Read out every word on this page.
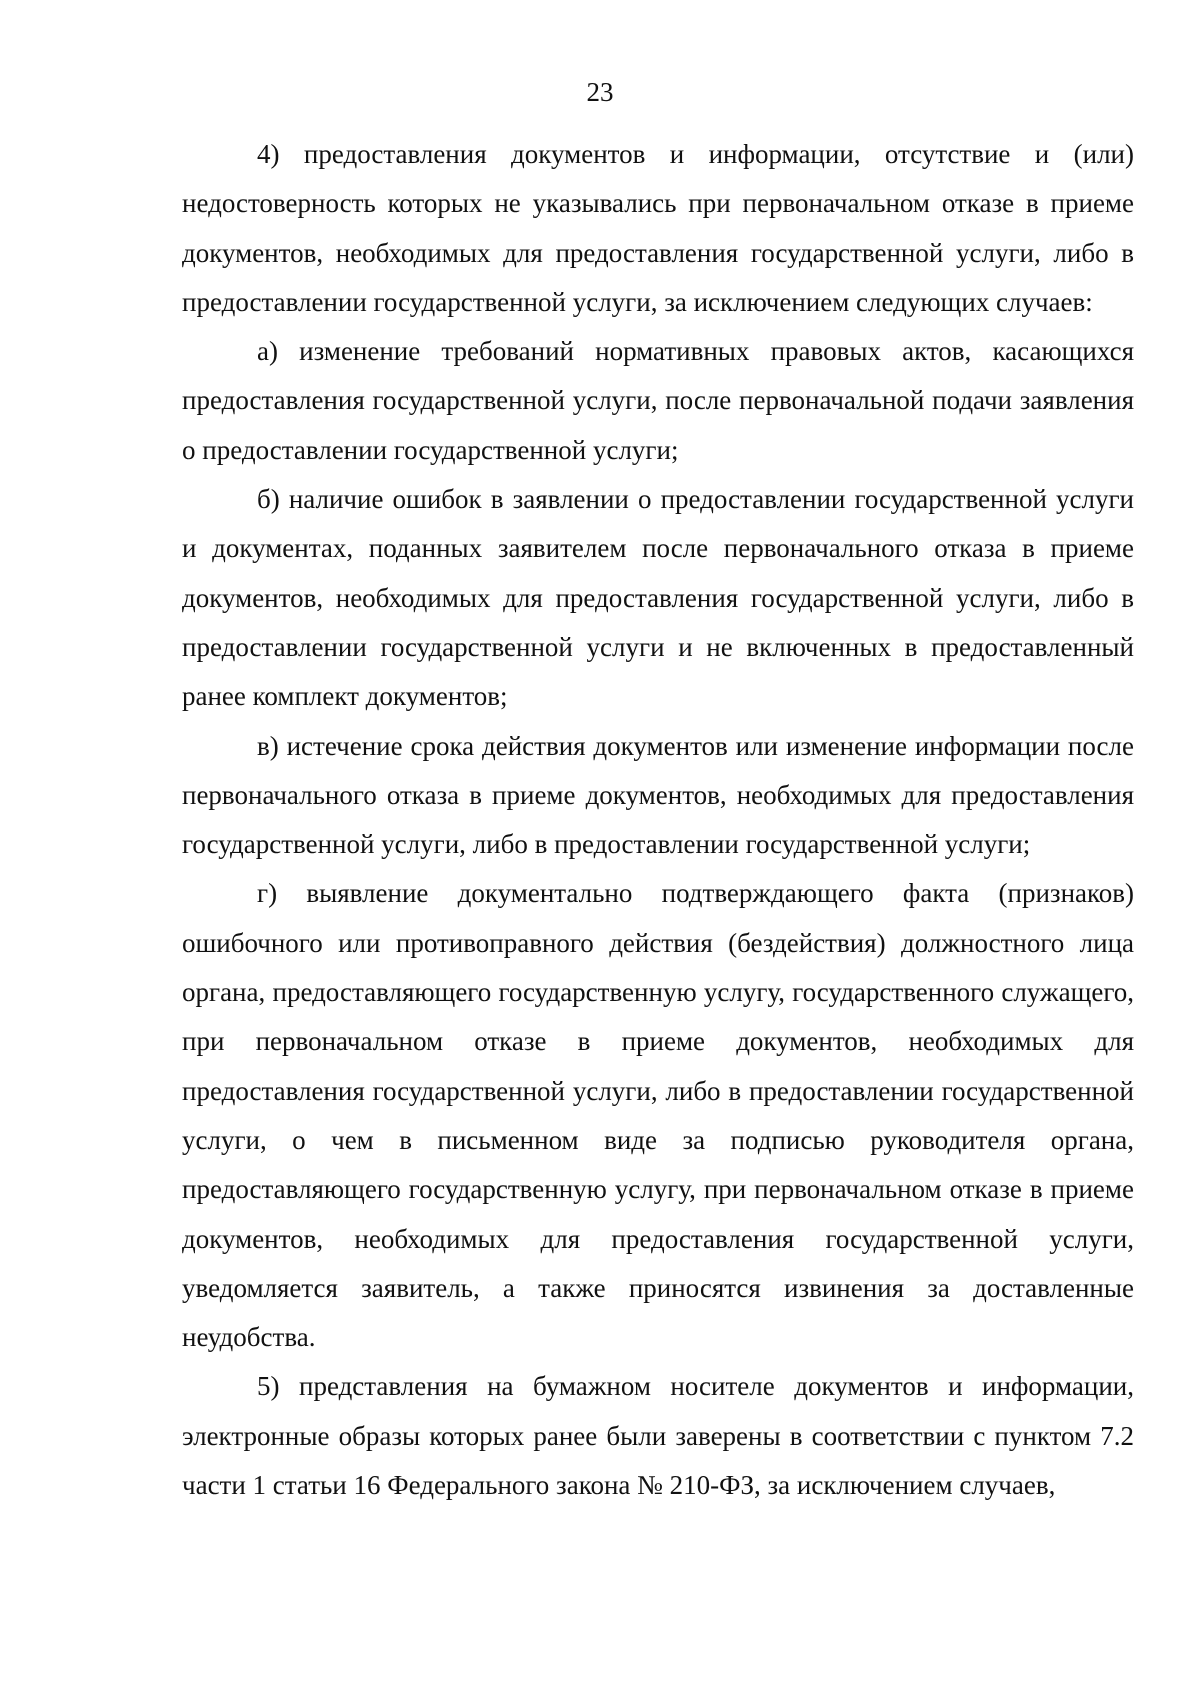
23

4) предоставления документов и информации, отсутствие и (или) недостоверность которых не указывались при первоначальном отказе в приеме документов, необходимых для предоставления государственной услуги, либо в предоставлении государственной услуги, за исключением следующих случаев:

а) изменение требований нормативных правовых актов, касающихся предоставления государственной услуги, после первоначальной подачи заявления о предоставлении государственной услуги;

б) наличие ошибок в заявлении о предоставлении государственной услуги и документах, поданных заявителем после первоначального отказа в приеме документов, необходимых для предоставления государственной услуги, либо в предоставлении государственной услуги и не включенных в предоставленный ранее комплект документов;

в) истечение срока действия документов или изменение информации после первоначального отказа в приеме документов, необходимых для предоставления государственной услуги, либо в предоставлении государственной услуги;

г) выявление документально подтверждающего факта (признаков) ошибочного или противоправного действия (бездействия) должностного лица органа, предоставляющего государственную услугу, государственного служащего, при первоначальном отказе в приеме документов, необходимых для предоставления государственной услуги, либо в предоставлении государственной услуги, о чем в письменном виде за подписью руководителя органа, предоставляющего государственную услугу, при первоначальном отказе в приеме документов, необходимых для предоставления государственной услуги, уведомляется заявитель, а также приносятся извинения за доставленные неудобства.

5) представления на бумажном носителе документов и информации, электронные образы которых ранее были заверены в соответствии с пунктом 7.2 части 1 статьи 16 Федерального закона № 210-ФЗ, за исключением случаев,
